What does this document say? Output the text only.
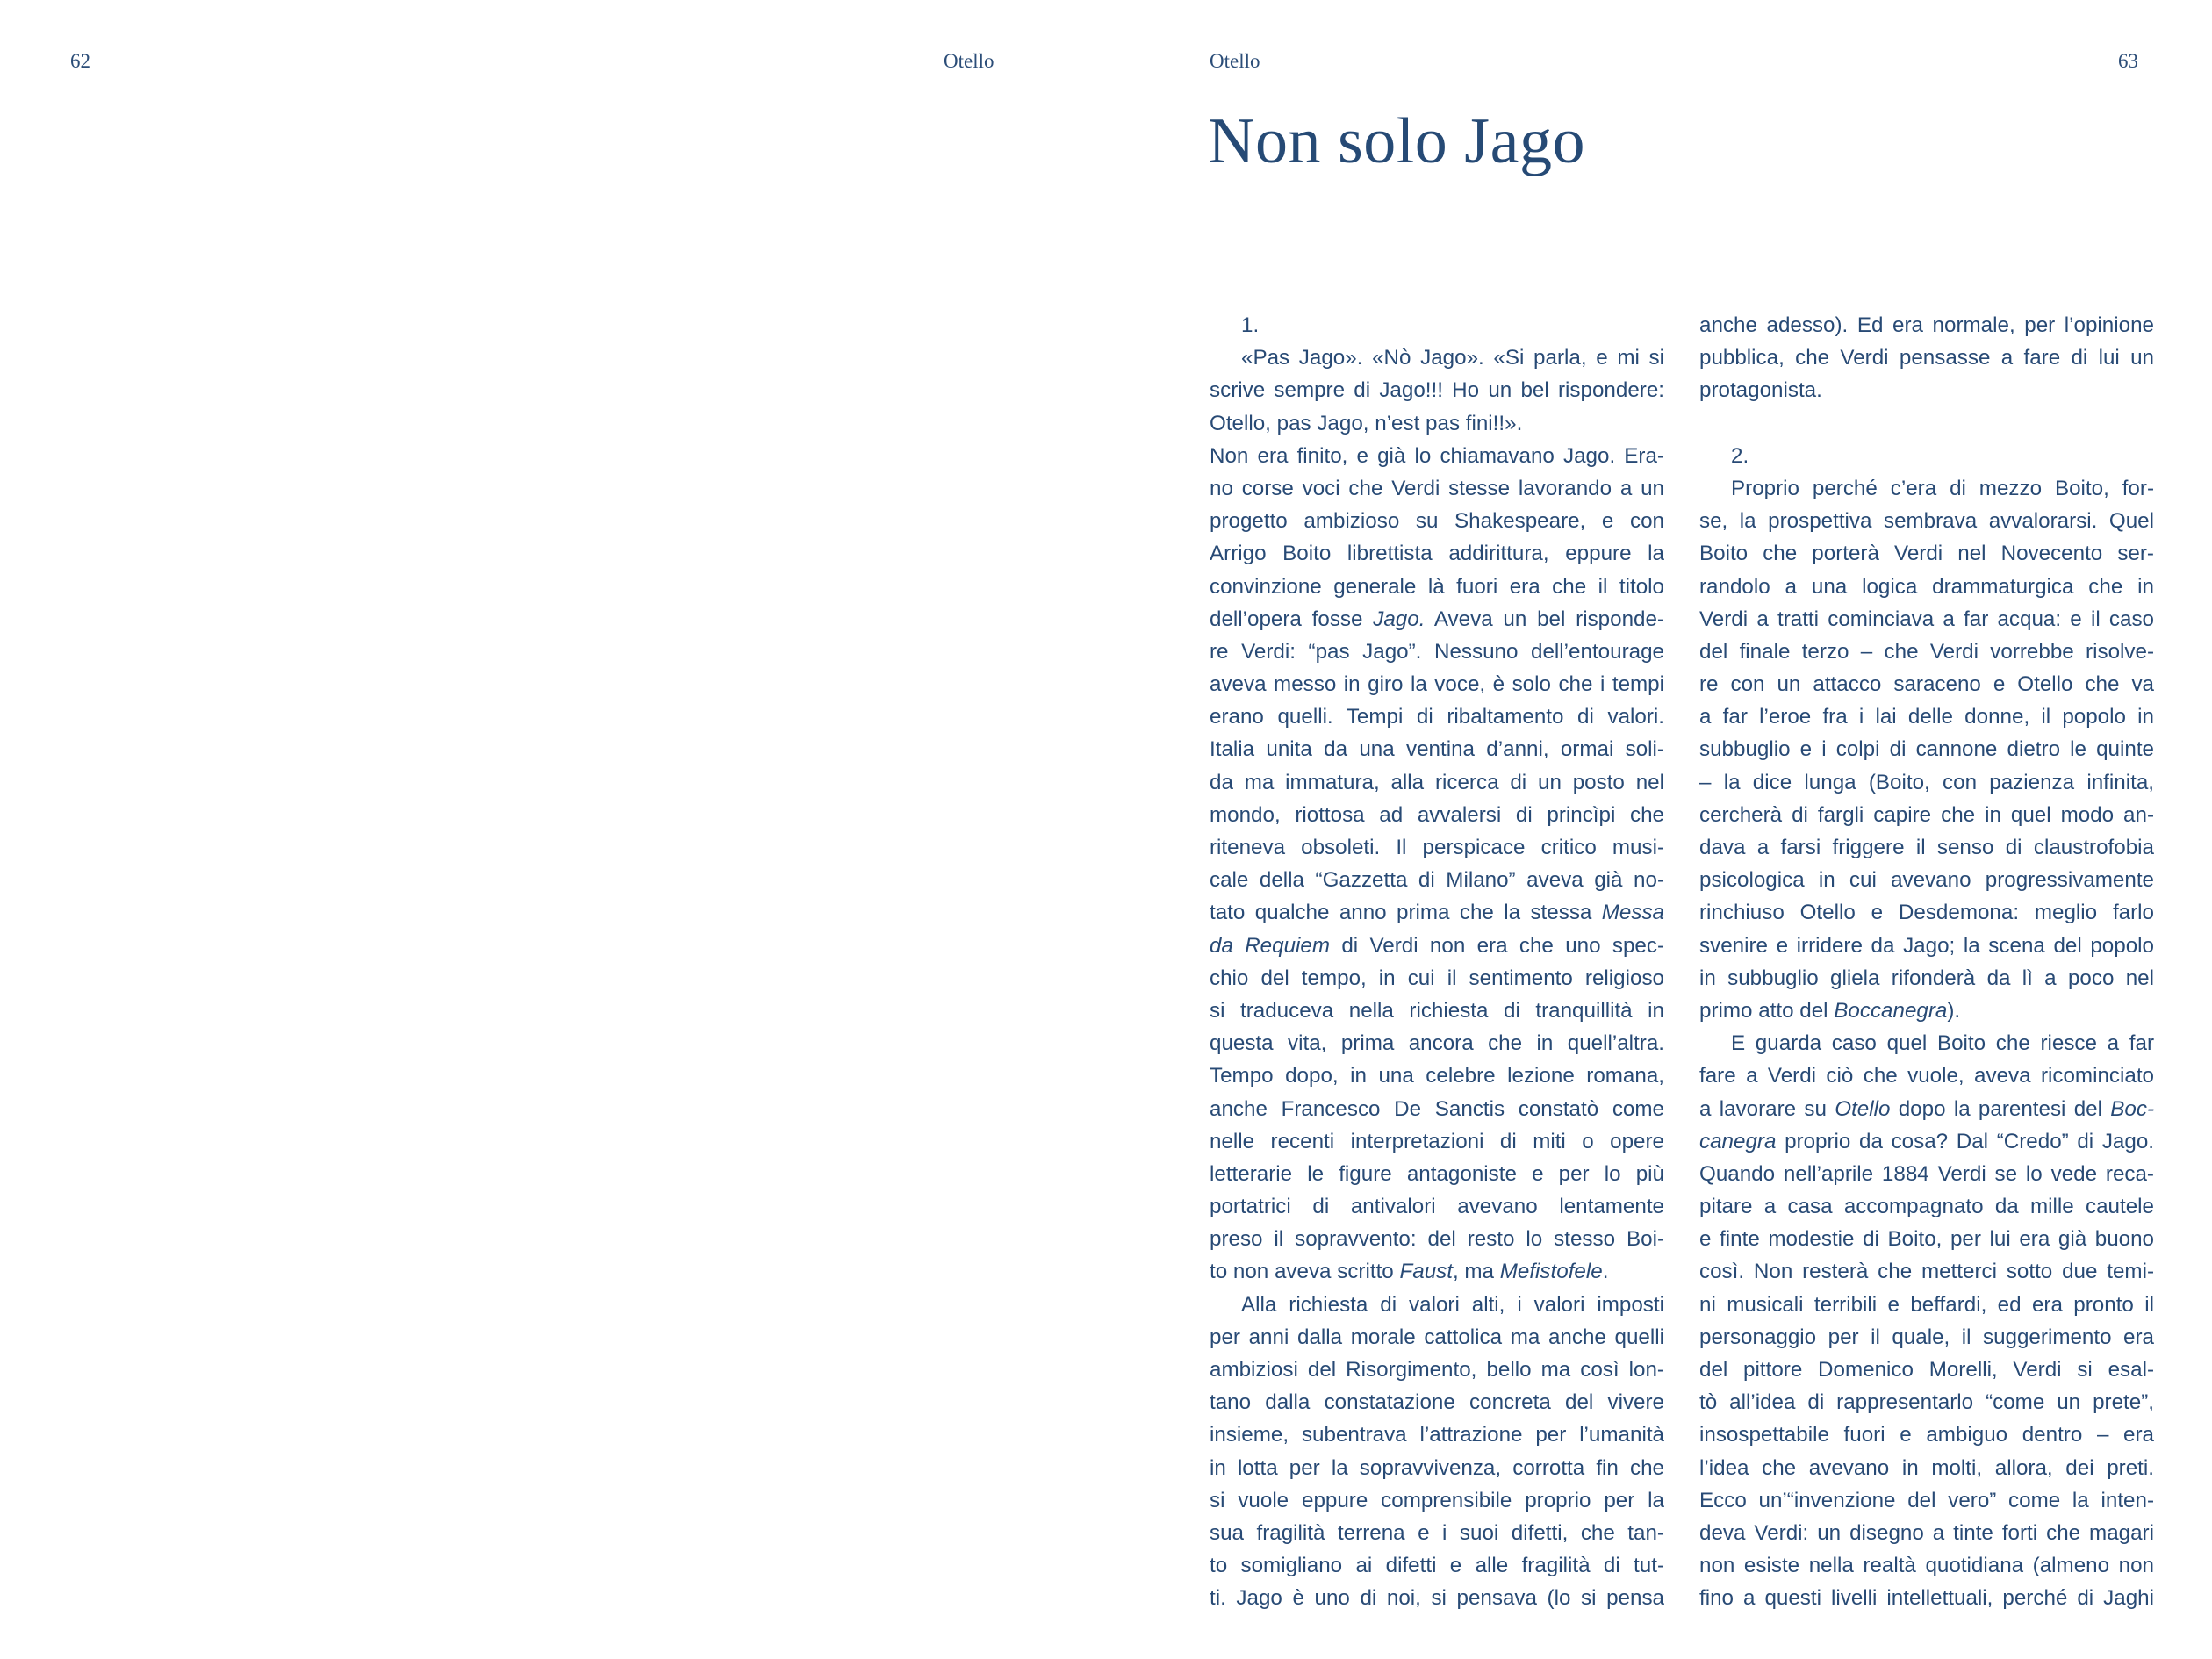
62	Otello	Otello	63
Non solo Jago
1.
«Pas Jago». «Nò Jago». «Si parla, e mi si
scrive sempre di Jago!!! Ho un bel rispondere:
Otello, pas Jago, n’est pas fini!!».
Non era finito, e già lo chiamavano Jago. Era-
no corse voci che Verdi stesse lavorando a un
progetto ambizioso su Shakespeare, e con
Arrigo Boito librettista addirittura, eppure la
convinzione generale là fuori era che il titolo
dell’opera fosse Jago. Aveva un bel risponde-
re Verdi: “pas Jago”. Nessuno dell’entourage
aveva messo in giro la voce, è solo che i tempi
erano quelli. Tempi di ribaltamento di valori.
Italia unita da una ventina d’anni, ormai soli-
da ma immatura, alla ricerca di un posto nel
mondo, riottosa ad avvalersi di princìpi che
riteneva obsoleti. Il perspicace critico musi-
cale della “Gazzetta di Milano” aveva già no-
tato qualche anno prima che la stessa Messa
da Requiem di Verdi non era che uno spec-
chio del tempo, in cui il sentimento religioso
si traduceva nella richiesta di tranquillità in
questa vita, prima ancora che in quell’altra.
Tempo dopo, in una celebre lezione romana,
anche Francesco De Sanctis constatò come
nelle recenti interpretazioni di miti o opere
letterarie le figure antagoniste e per lo più
portatrici di antivalori avevano lentamente
preso il sopravvento: del resto lo stesso Boi-
to non aveva scritto Faust, ma Mefistofele.
Alla richiesta di valori alti, i valori imposti
per anni dalla morale cattolica ma anche quelli
ambiziosi del Risorgimento, bello ma così lon-
tano dalla constatazione concreta del vivere
insieme, subentrava l’attrazione per l’umanità
in lotta per la sopravvivenza, corrotta fin che
si vuole eppure comprensibile proprio per la
sua fragilità terrena e i suoi difetti, che tan-
to somigliano ai difetti e alle fragilità di tut-
ti. Jago è uno di noi, si pensava (lo si pensa
anche adesso). Ed era normale, per l’opinione
pubblica, che Verdi pensasse a fare di lui un
protagonista.
2.
Proprio perché c’era di mezzo Boito, for-
se, la prospettiva sembrava avvalorarsi. Quel
Boito che porterà Verdi nel Novecento ser-
randolo a una logica drammaturgica che in
Verdi a tratti cominciava a far acqua: e il caso
del finale terzo – che Verdi vorrebbe risolve-
re con un attacco saraceno e Otello che va
a far l’eroe fra i lai delle donne, il popolo in
subbuglio e i colpi di cannone dietro le quinte
– la dice lunga (Boito, con pazienza infinita,
cercherà di fargli capire che in quel modo an-
dava a farsi friggere il senso di claustrofobia
psicologica in cui avevano progressivamente
rinchiuso Otello e Desdemona: meglio farlo
svenire e irridere da Jago; la scena del popolo
in subbuglio gliela rifonderà da lì a poco nel
primo atto del Boccanegra).
E guarda caso quel Boito che riesce a far
fare a Verdi ciò che vuole, aveva ricominciato
a lavorare su Otello dopo la parentesi del Boc-
canegra proprio da cosa? Dal “Credo” di Jago.
Quando nell’aprile 1884 Verdi se lo vede reca-
pitare a casa accompagnato da mille cautele
e finte modestie di Boito, per lui era già buono
così. Non resterà che metterci sotto due temi-
ni musicali terribili e beffardi, ed era pronto il
personaggio per il quale, il suggerimento era
del pittore Domenico Morelli, Verdi si esal-
tò all’idea di rappresentarlo “come un prete”,
insospettabile fuori e ambiguo dentro – era
l’idea che avevano in molti, allora, dei preti.
Ecco un’“invenzione del vero” come la inten-
deva Verdi: un disegno a tinte forti che magari
non esiste nella realtà quotidiana (almeno non
fino a questi livelli intellettuali, perché di Jaghi
